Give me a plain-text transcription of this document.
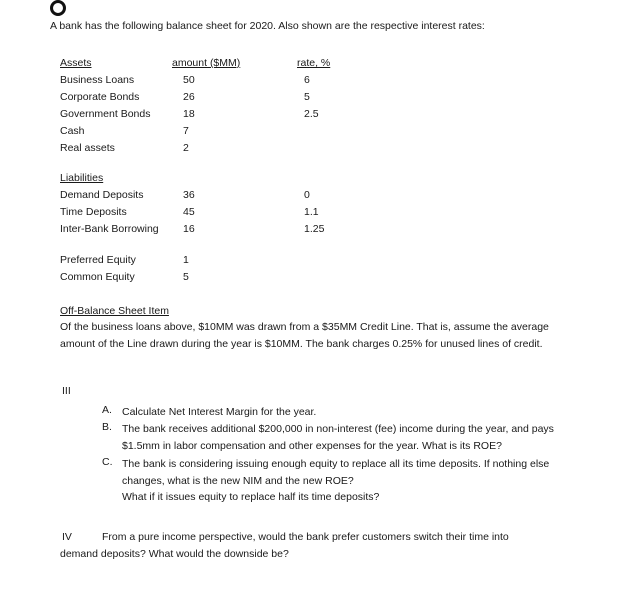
A bank has the following balance sheet for 2020. Also shown are the respective interest rates:
Assets	amount ($MM)	rate, %
Business Loans	50	6
Corporate Bonds	26	5
Government Bonds	18	2.5
Cash	7
Real assets	2
Liabilities
Demand Deposits	36	0
Time Deposits	45	1.1
Inter-Bank Borrowing 16	1.25
Preferred Equity	1
Common Equity	5
Off-Balance Sheet Item
Of the business loans above, $10MM was drawn from a $35MM Credit Line. That is, assume the average amount of the Line drawn during the year is $10MM. The bank charges 0.25% for unused lines of credit.
III
A. Calculate Net Interest Margin for the year.
B. The bank receives additional $200,000 in non-interest (fee) income during the year, and pays $1.5mm in labor compensation and other expenses for the year. What is its ROE?
C. The bank is considering issuing enough equity to replace all its time deposits. If nothing else changes, what is the new NIM and the new ROE?
What if it issues equity to replace half its time deposits?
IV	From a pure income perspective, would the bank prefer customers switch their time into
demand deposits? What would the downside be?
